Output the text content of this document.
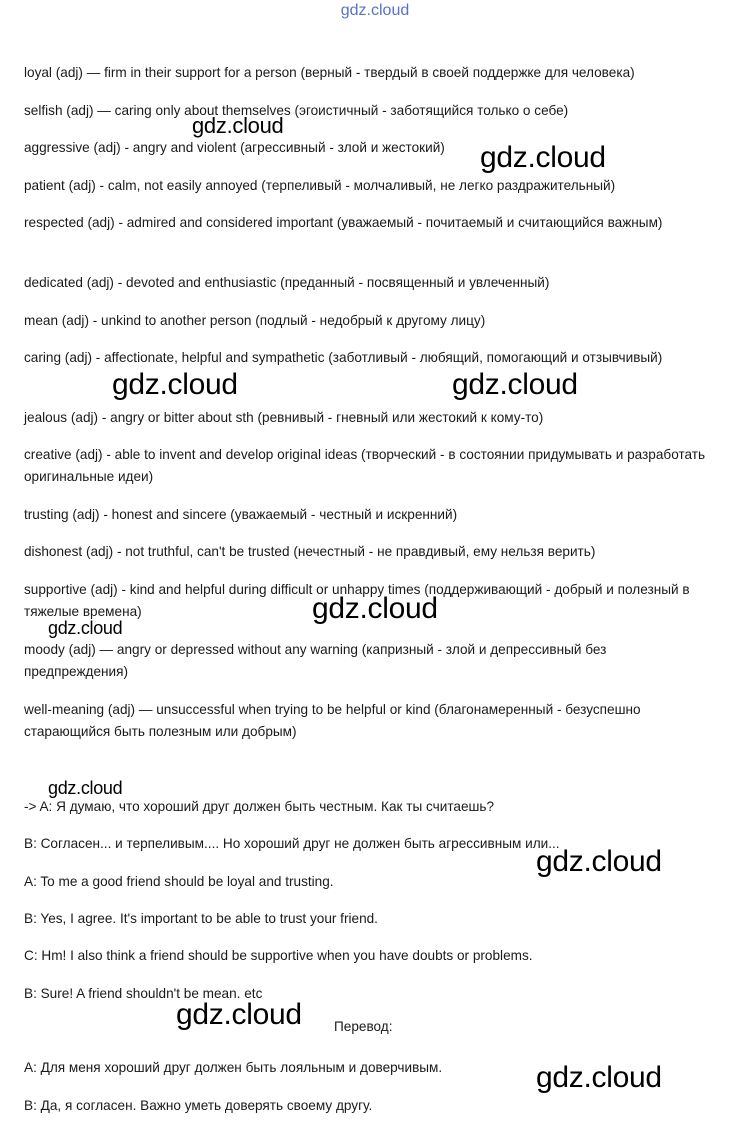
gdz.cloud
loyal (adj) — firm in their support for a person (верный - твердый в своей поддержке для человека)
selfish (adj) — caring only about themselves (эгоистичный - заботящийся только о себе)
aggressive (adj) - angry and violent (агрессивный - злой и жестокий)
patient (adj) - calm, not easily annoyed (терпеливый - молчаливый, не легко раздражительный)
respected (adj) - admired and considered important (уважаемый - почитаемый и считающийся важным)
dedicated (adj) - devoted and enthusiastic (преданный - посвященный и увлеченный)
mean (adj) - unkind to another person (подлый - недобрый к другому лицу)
caring (adj) - affectionate, helpful and sympathetic (заботливый - любящий, помогающий и отзывчивый)
jealous (adj) - angry or bitter about sth (ревнивый - гневный или жестокий к кому-то)
creative (adj) - able to invent and develop original ideas (творческий - в состоянии придумывать и разработать оригинальные идеи)
trusting (adj) - honest and sincere (уважаемый - честный и искренний)
dishonest (adj) - not truthful, can't be trusted (нечестный - не правдивый, ему нельзя верить)
supportive (adj) - kind and helpful during difficult or unhappy times (поддерживающий - добрый и полезный в тяжелые времена)
moody (adj) — angry or depressed without any warning (капризный - злой и депрессивный без предпреждения)
well-meaning (adj) — unsuccessful when trying to be helpful or kind (благонамеренный - безуспешно старающийся быть полезным или добрым)
-> A: Я думаю, что хороший друг должен быть честным. Как ты считаешь?
B: Согласен... и терпеливым.... Но хороший друг не должен быть агрессивным или...
A: To me a good friend should be loyal and trusting.
B: Yes, I agree. It's important to be able to trust your friend.
C: Hm! I also think a friend should be supportive when you have doubts or problems.
B: Sure! A friend shouldn't be mean. etc
Перевод:
A: Для меня хороший друг должен быть лояльным и доверчивым.
B: Да, я согласен. Важно уметь доверять своему другу.
gdz.cloud
gdz.cloud
gdz.cloud	gdz.cloud
gdz.cloud
gdz.cloud
gdz.cloud
gdz.cloud
gdz.cloud
gdz.cloud
